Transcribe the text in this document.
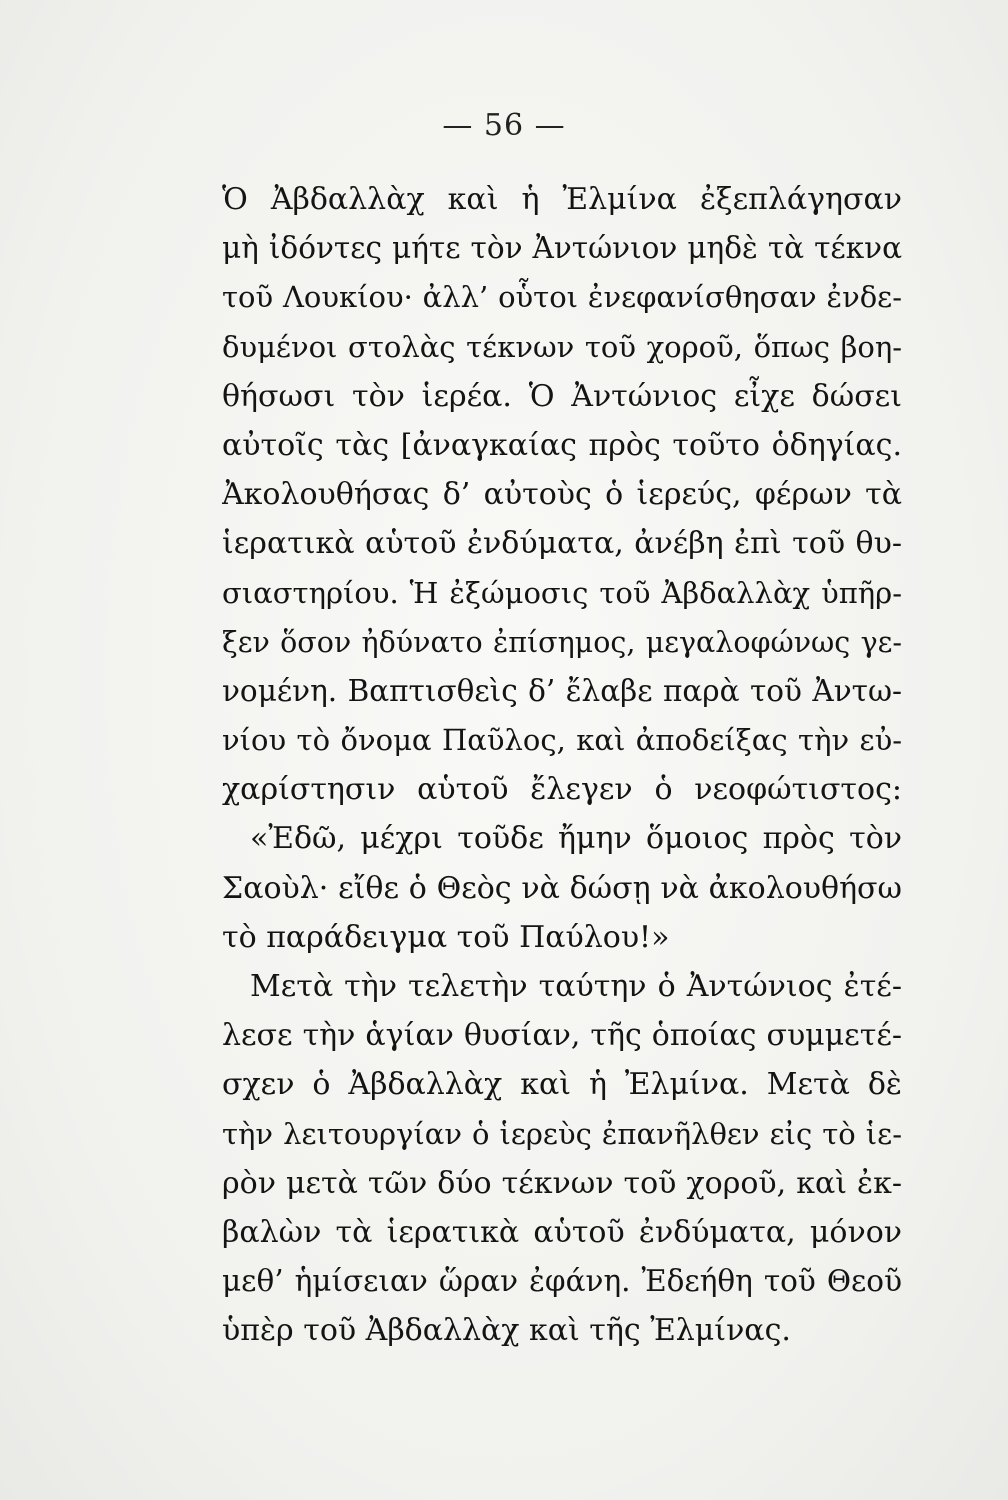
— 56 —
Ὁ Ἀβδαλλὰχ καὶ ἡ Ἐλμίνα ἐξεπλάγησαν
μὴ ἰδόντες μήτε τὸν Ἀντώνιον μηδὲ τὰ τέκνα
τοῦ Λουκίου· ἀλλ’ οὗτοι ἐνεφανίσθησαν ἐνδε-
δυμένοι στολὰς τέκνων τοῦ χοροῦ, ὅπως βοη-
θήσωσι τὸν ἱερέα. Ὁ Ἀντώνιος εἶχε δώσει
αὐτοῖς τὰς [ἀναγκαίας πρὸς τοῦτο ὁδηγίας.
Ἀκολουθήσας δ’ αὐτοὺς ὁ ἱερεύς, φέρων τὰ
ἱερατικὰ αὑτοῦ ἐνδύματα, ἀνέβη ἐπὶ τοῦ θυ-
σιαστηρίου. Ἡ ἐξώμοσις τοῦ Ἀβδαλλὰχ ὑπῆρ-
ξεν ὅσον ἠδύνατο ἐπίσημος, μεγαλοφώνως γε-
νομένη. Βαπτισθεὶς δ’ ἔλαβε παρὰ τοῦ Ἀντω-
νίου τὸ ὄνομα Παῦλος, καὶ ἀποδείξας τὴν εὐ-
χαρίστησιν αὑτοῦ ἔλεγεν ὁ νεοφώτιστος:
«Ἐδῶ, μέχρι τοῦδε ἤμην ὅμοιος πρὸς τὸν
Σαοὺλ· εἴθε ὁ Θεὸς νὰ δώσῃ νὰ ἀκολουθήσω
τὸ παράδειγμα τοῦ Παύλου!»
Μετὰ τὴν τελετὴν ταύτην ὁ Ἀντώνιος ἐτέ-
λεσε τὴν ἁγίαν θυσίαν, τῆς ὁποίας συμμετέ-
σχεν ὁ Ἀβδαλλὰχ καὶ ἡ Ἐλμίνα. Μετὰ δὲ
τὴν λειτουργίαν ὁ ἱερεὺς ἐπανῆλθεν εἰς τὸ ἱε-
ρὸν μετὰ τῶν δύο τέκνων τοῦ χοροῦ, καὶ ἐκ-
βαλὼν τὰ ἱερατικὰ αὑτοῦ ἐνδύματα, μόνον
μεθ’ ἡμίσειαν ὥραν ἐφάνη. Ἐδεήθη τοῦ Θεοῦ
ὑπὲρ τοῦ Ἀβδαλλὰχ καὶ τῆς Ἐλμίνας.
